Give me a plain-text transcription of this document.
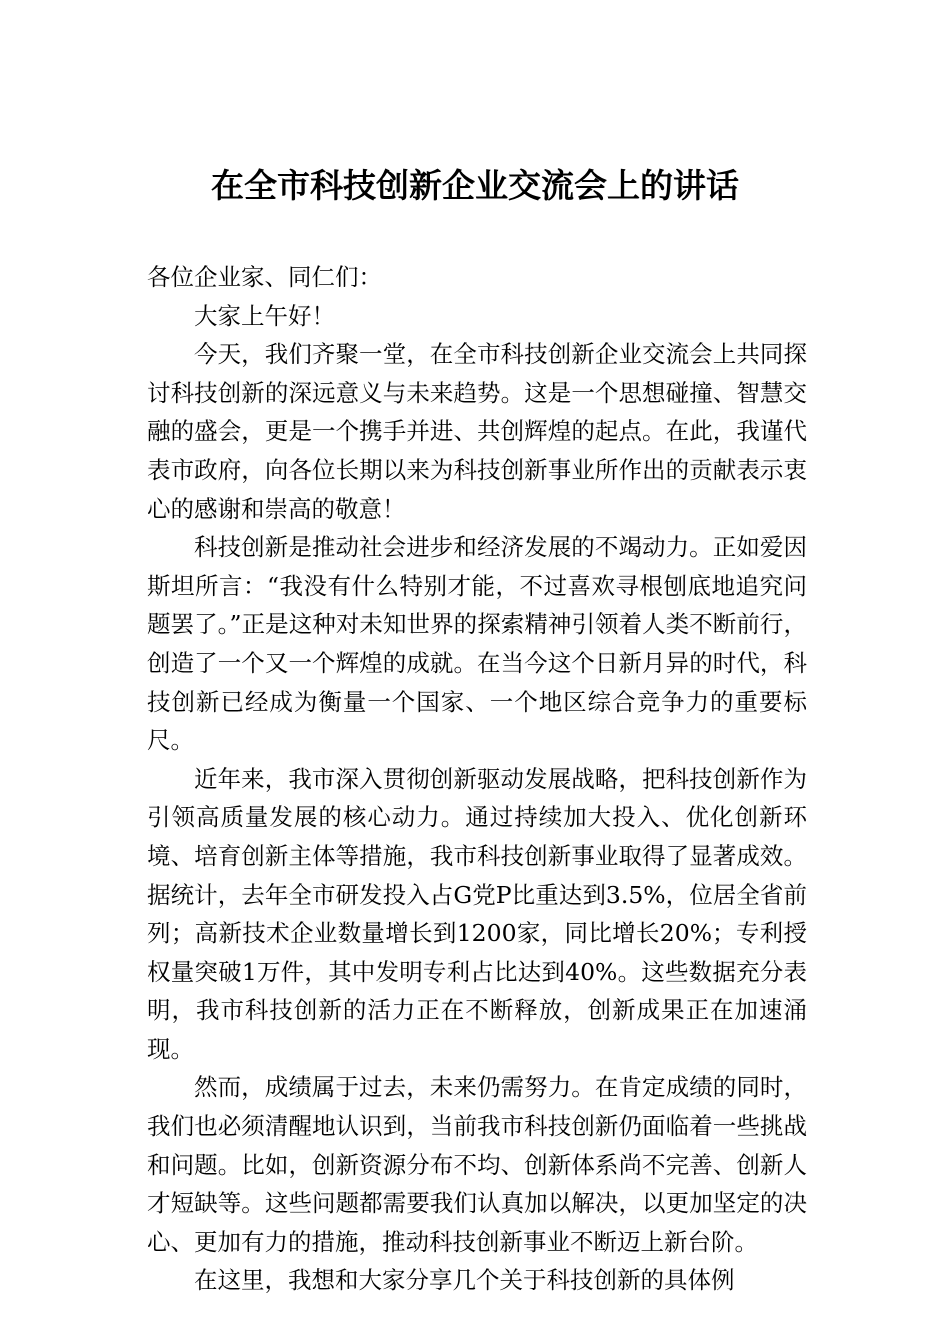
在全市科技创新企业交流会上的讲话

各位企业家、同仁们：

大家上午好！

今天，我们齐聚一堂，在全市科技创新企业交流会上共同探讨科技创新的深远意义与未来趋势。这是一个思想碰撞、智慧交融的盛会，更是一个携手并进、共创辉煌的起点。在此，我谨代表市政府，向各位长期以来为科技创新事业所作出的贡献表示衷心的感谢和崇高的敬意！

科技创新是推动社会进步和经济发展的不竭动力。正如爱因斯坦所言：“我没有什么特别才能，不过喜欢寻根刨底地追究问题罢了。”正是这种对未知世界的探索精神引领着人类不断前行，创造了一个又一个辉煌的成就。在当今这个日新月异的时代，科技创新已经成为衡量一个国家、一个地区综合竞争力的重要标尺。

近年来，我市深入贯彻创新驱动发展战略，把科技创新作为引领高质量发展的核心动力。通过持续加大投入、优化创新环境、培育创新主体等措施，我市科技创新事业取得了显著成效。据统计，去年全市研发投入占G党P比重达到3.5%，位居全省前列；高新技术企业数量增长到1200家，同比增长20%；专利授权量突破1万件，其中发明专利占比达到40%。这些数据充分表明，我市科技创新的活力正在不断释放，创新成果正在加速涌现。

然而，成绩属于过去，未来仍需努力。在肯定成绩的同时，我们也必须清醒地认识到，当前我市科技创新仍面临着一些挑战和问题。比如，创新资源分布不均、创新体系尚不完善、创新人才短缺等。这些问题都需要我们认真加以解决，以更加坚定的决心、更加有力的措施，推动科技创新事业不断迈上新台阶。

在这里，我想和大家分享几个关于科技创新的具体例
